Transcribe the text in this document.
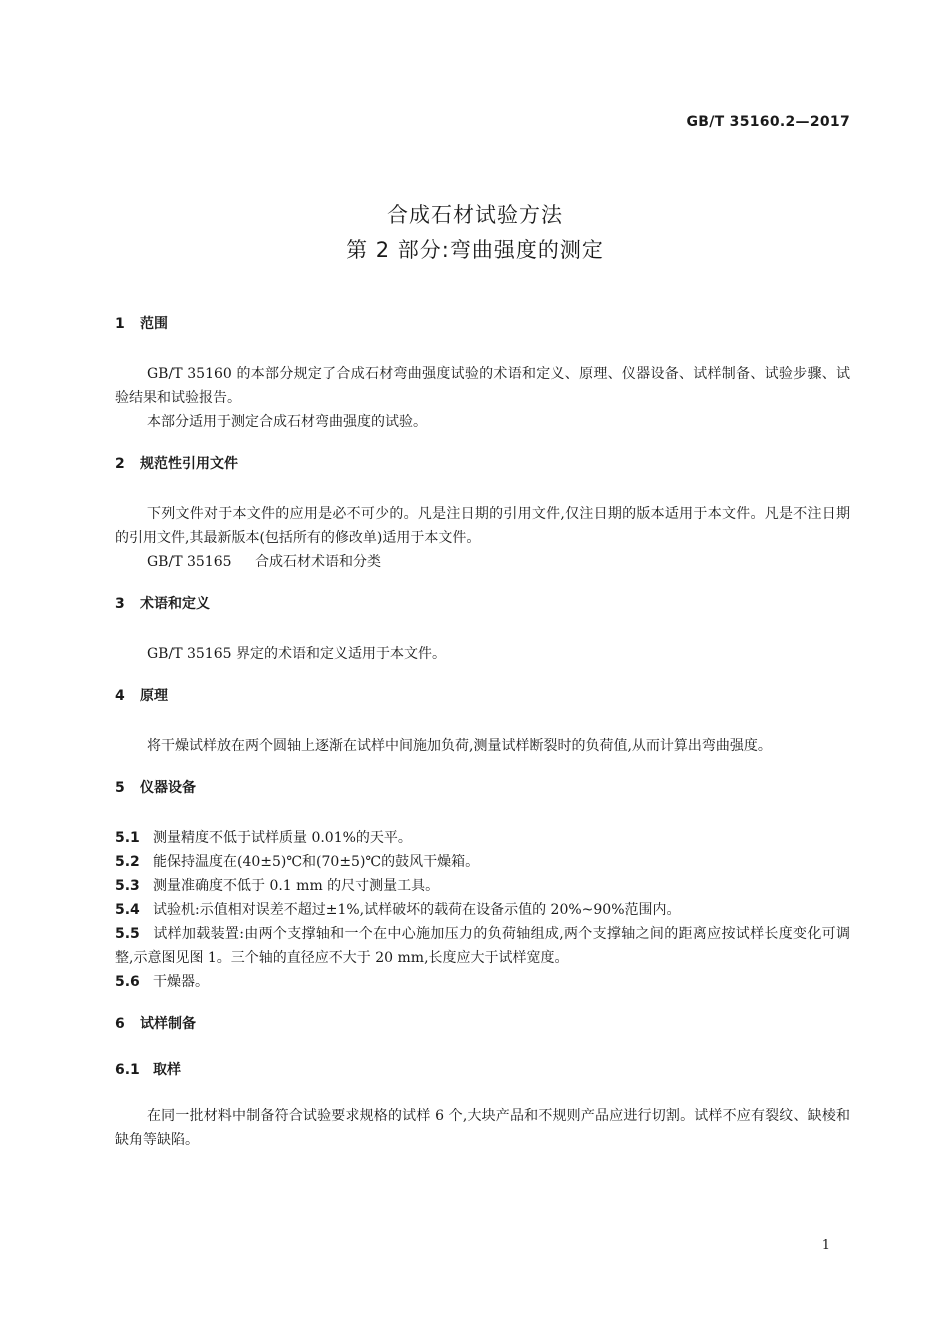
GB/T 35160.2—2017
合成石材试验方法
第 2 部分:弯曲强度的测定
1 范围
GB/T 35160 的本部分规定了合成石材弯曲强度试验的术语和定义、原理、仪器设备、试样制备、试验步骤、试验结果和试验报告。
本部分适用于测定合成石材弯曲强度的试验。
2 规范性引用文件
下列文件对于本文件的应用是必不可少的。凡是注日期的引用文件,仅注日期的版本适用于本文件。凡是不注日期的引用文件,其最新版本(包括所有的修改单)适用于本文件。
GB/T 35165 合成石材术语和分类
3 术语和定义
GB/T 35165 界定的术语和定义适用于本文件。
4 原理
将干燥试样放在两个圆轴上逐渐在试样中间施加负荷,测量试样断裂时的负荷值,从而计算出弯曲强度。
5 仪器设备
5.1 测量精度不低于试样质量 0.01%的天平。
5.2 能保持温度在(40±5)℃和(70±5)℃的鼓风干燥箱。
5.3 测量准确度不低于 0.1 mm 的尺寸测量工具。
5.4 试验机:示值相对误差不超过±1%,试样破坏的载荷在设备示值的 20%~90%范围内。
5.5 试样加载装置:由两个支撑轴和一个在中心施加压力的负荷轴组成,两个支撑轴之间的距离应按试样长度变化可调整,示意图见图 1。三个轴的直径应不大于 20 mm,长度应大于试样宽度。
5.6 干燥器。
6 试样制备
6.1 取样
在同一批材料中制备符合试验要求规格的试样 6 个,大块产品和不规则产品应进行切割。试样不应有裂纹、缺棱和缺角等缺陷。
1
